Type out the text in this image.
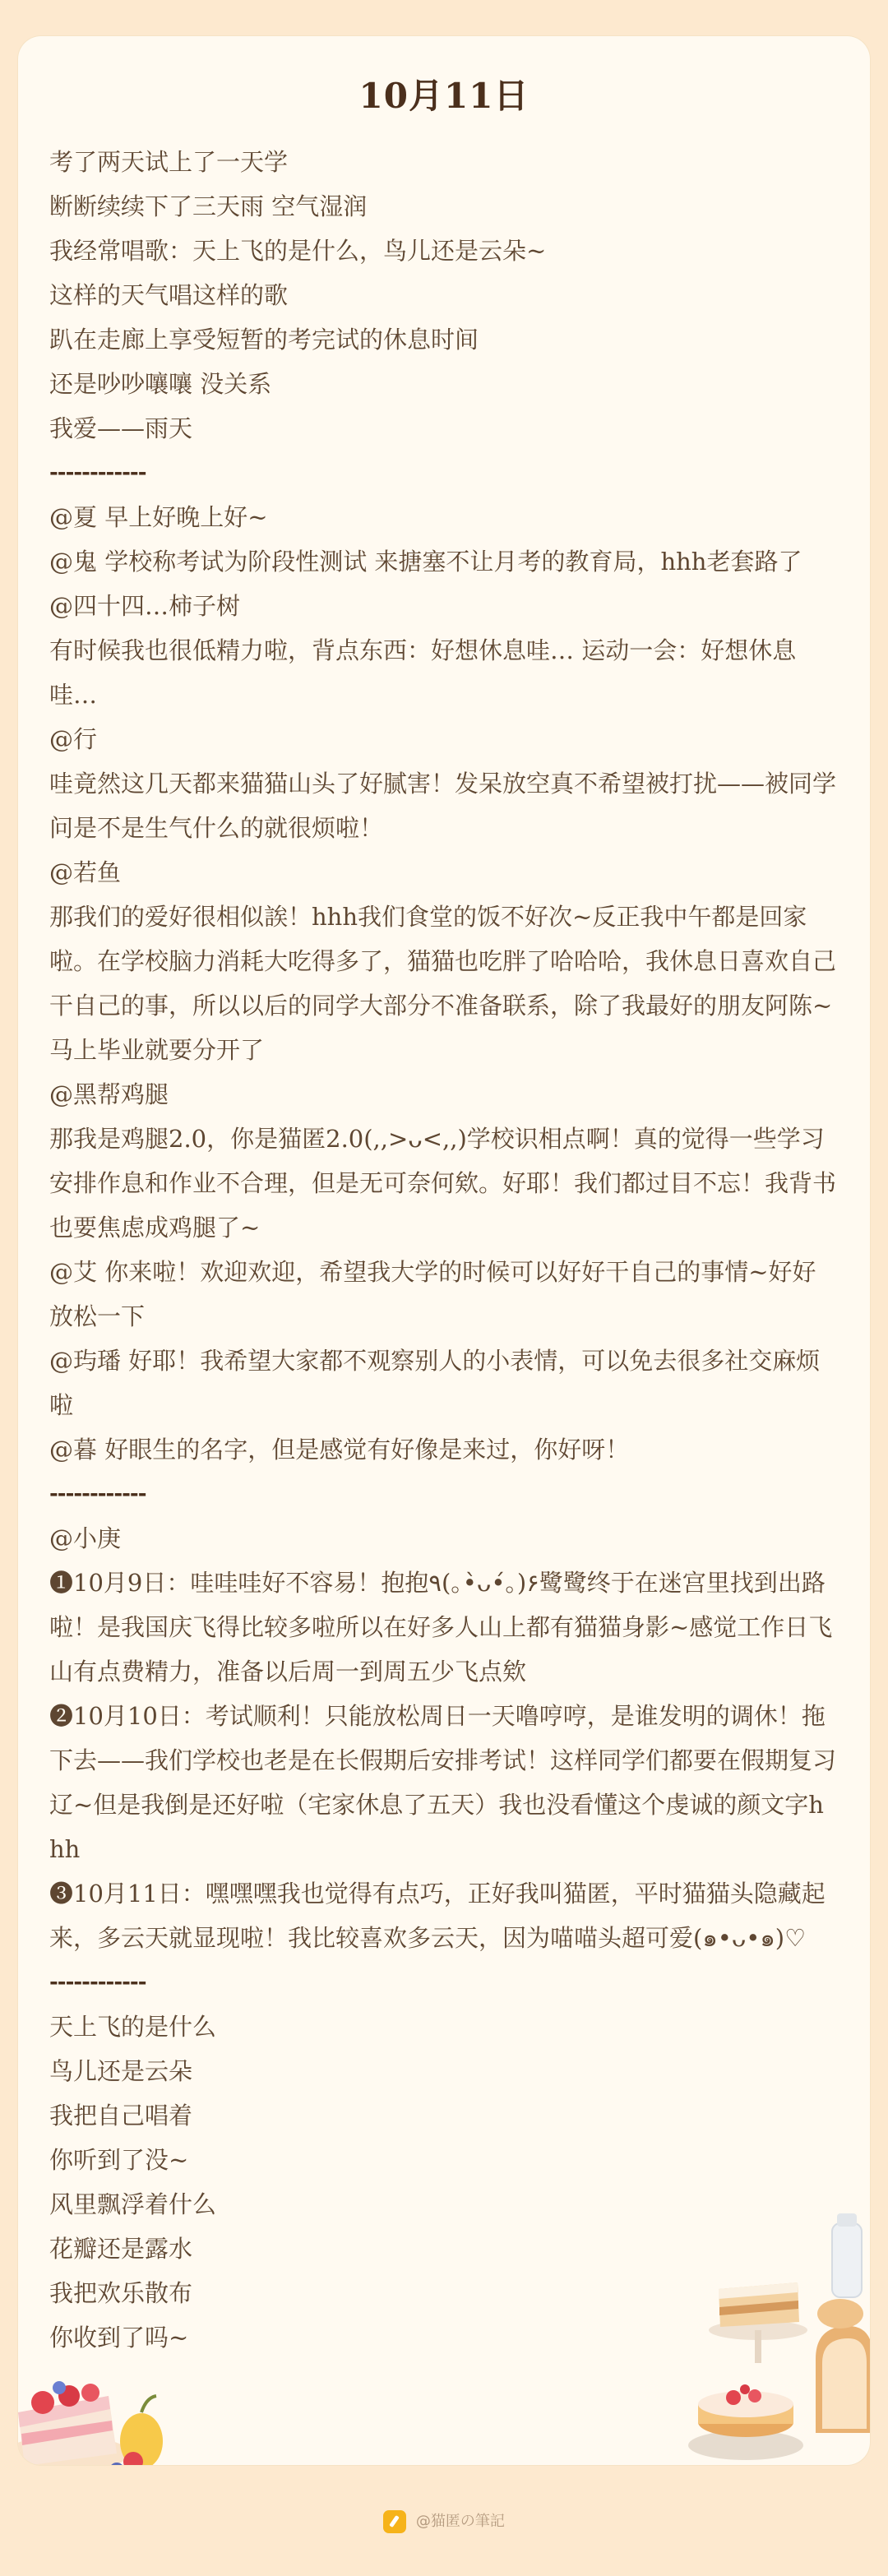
10月11日
考了两天试上了一天学
断断续续下了三天雨 空气湿润
我经常唱歌：天上飞的是什么，鸟儿还是云朵~
这样的天气唱这样的歌
趴在走廊上享受短暂的考完试的休息时间
还是吵吵嚷嚷 没关系
我爱——雨天
------------
@夏 早上好晚上好~
@鬼 学校称考试为阶段性测试 来搪塞不让月考的教育局，hhh老套路了
@四十四…柿子树
有时候我也很低精力啦，背点东西：好想休息哇… 运动一会：好想休息哇…
@行
哇竟然这几天都来猫猫山头了好腻害！发呆放空真不希望被打扰——被同学问是不是生气什么的就很烦啦！
@若鱼
那我们的爱好很相似誒！hhh我们食堂的饭不好次~反正我中午都是回家啦。在学校脑力消耗大吃得多了，猫猫也吃胖了哈哈哈，我休息日喜欢自己干自己的事，所以以后的同学大部分不准备联系，除了我最好的朋友阿陈~马上毕业就要分开了
@黑帮鸡腿
那我是鸡腿2.0，你是猫匿2.0(,,>ᴗ<,,)学校识相点啊！真的觉得一些学习安排作息和作业不合理，但是无可奈何欸。好耶！我们都过目不忘！我背书也要焦虑成鸡腿了~
@艾 你来啦！欢迎欢迎，希望我大学的时候可以好好干自己的事情~好好放松一下
@玙璠 好耶！我希望大家都不观察别人的小表情，可以免去很多社交麻烦啦
@暮 好眼生的名字，但是感觉有好像是来过，你好呀！
------------
@小庚
❶10月9日：哇哇哇好不容易！抱抱٩(｡•̀ᴗ•́｡)۶鹭鹭终于在迷宫里找到出路啦！是我国庆飞得比较多啦所以在好多人山上都有猫猫身影~感觉工作日飞山有点费精力，准备以后周一到周五少飞点欸
❷10月10日：考试顺利！只能放松周日一天噜哼哼，是谁发明的调休！拖下去——我们学校也老是在长假期后安排考试！这样同学们都要在假期复习辽~但是我倒是还好啦（宅家休息了五天）我也没看懂这个虔诚的颜文字hhh
❸10月11日：嘿嘿嘿我也觉得有点巧，正好我叫猫匿，平时猫猫头隐藏起来，多云天就显现啦！我比较喜欢多云天，因为喵喵头超可爱(๑•ᴗ•๑)♡
------------
天上飞的是什么
鸟儿还是云朵
我把自己唱着
你听到了没~
风里飘浮着什么
花瓣还是露水
我把欢乐散布
你收到了吗~
@猫匿の筆記
